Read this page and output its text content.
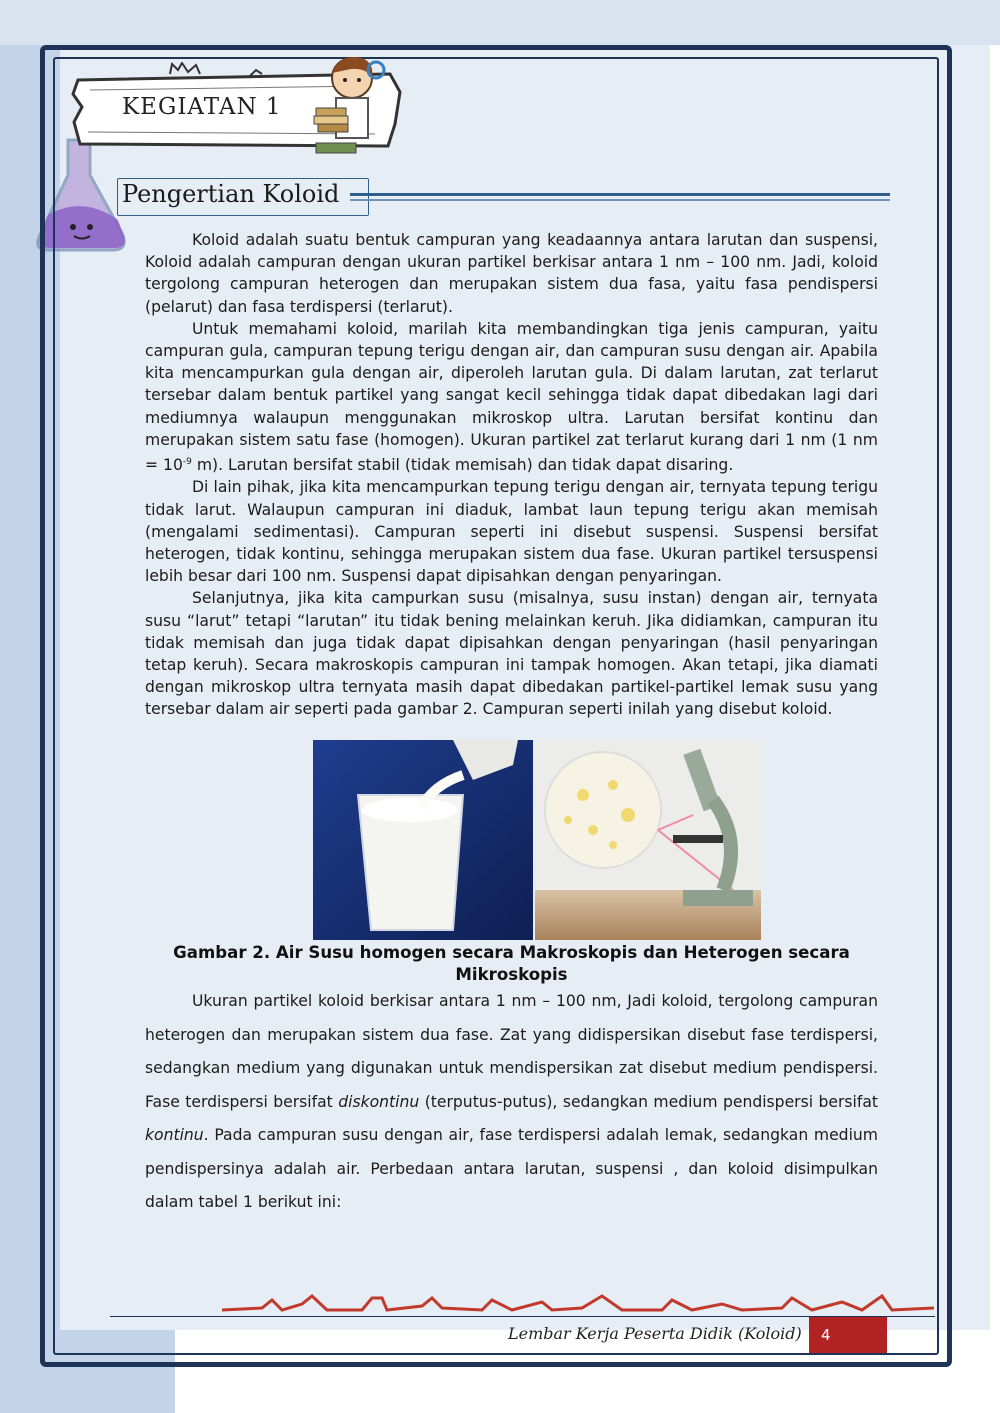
KEGIATAN 1
Pengertian Koloid

Koloid adalah suatu bentuk campuran yang keadaannya antara larutan dan suspensi, Koloid adalah campuran dengan ukuran partikel berkisar antara 1 nm – 100 nm. Jadi, koloid tergolong campuran heterogen dan merupakan sistem dua fasa, yaitu fasa pendispersi (pelarut) dan fasa terdispersi (terlarut).

Untuk memahami koloid, marilah kita membandingkan tiga jenis campuran, yaitu campuran gula, campuran tepung terigu dengan air, dan campuran susu dengan air. Apabila kita mencampurkan gula dengan air, diperoleh larutan gula. Di dalam larutan, zat terlarut tersebar dalam bentuk partikel yang sangat kecil sehingga tidak dapat dibedakan lagi dari mediumnya walaupun menggunakan mikroskop ultra. Larutan bersifat kontinu dan merupakan sistem satu fase (homogen). Ukuran partikel zat terlarut kurang dari 1 nm (1 nm = $10^{-9}$ m). Larutan bersifat stabil (tidak memisah) dan tidak dapat disaring.

Di lain pihak, jika kita mencampurkan tepung terigu dengan air, ternyata tepung terigu tidak larut. Walaupun campuran ini diaduk, lambat laun tepung terigu akan memisah (mengalami sedimentasi). Campuran seperti ini disebut suspensi. Suspensi bersifat heterogen, tidak kontinu, sehingga merupakan sistem dua fase. Ukuran partikel tersuspensi lebih besar dari 100 nm. Suspensi dapat dipisahkan dengan penyaringan.

Selanjutnya, jika kita campurkan susu (misalnya, susu instan) dengan air, ternyata susu “larut” tetapi “larutan” itu tidak bening melainkan keruh. Jika didiamkan, campuran itu tidak memisah dan juga tidak dapat dipisahkan dengan penyaringan (hasil penyaringan tetap keruh). Secara makroskopis campuran ini tampak homogen. Akan tetapi, jika diamati dengan mikroskop ultra ternyata masih dapat dibedakan partikel-partikel lemak susu yang tersebar dalam air seperti pada gambar 2. Campuran seperti inilah yang disebut koloid.

Gambar 2. Air Susu homogen secara Makroskopis dan Heterogen secara Mikroskopis

Ukuran partikel koloid berkisar antara 1 nm – 100 nm, Jadi koloid, tergolong campuran heterogen dan merupakan sistem dua fase. Zat yang didispersikan disebut fase terdispersi, sedangkan medium yang digunakan untuk mendispersikan zat disebut medium pendispersi. Fase terdispersi bersifat diskontinu (terputus-putus), sedangkan medium pendispersi bersifat kontinu. Pada campuran susu dengan air, fase terdispersi adalah lemak, sedangkan medium pendispersinya adalah air. Perbedaan antara larutan, suspensi , dan koloid disimpulkan dalam tabel 1 berikut ini:

Lembar Kerja Peserta Didik (Koloid)	4
